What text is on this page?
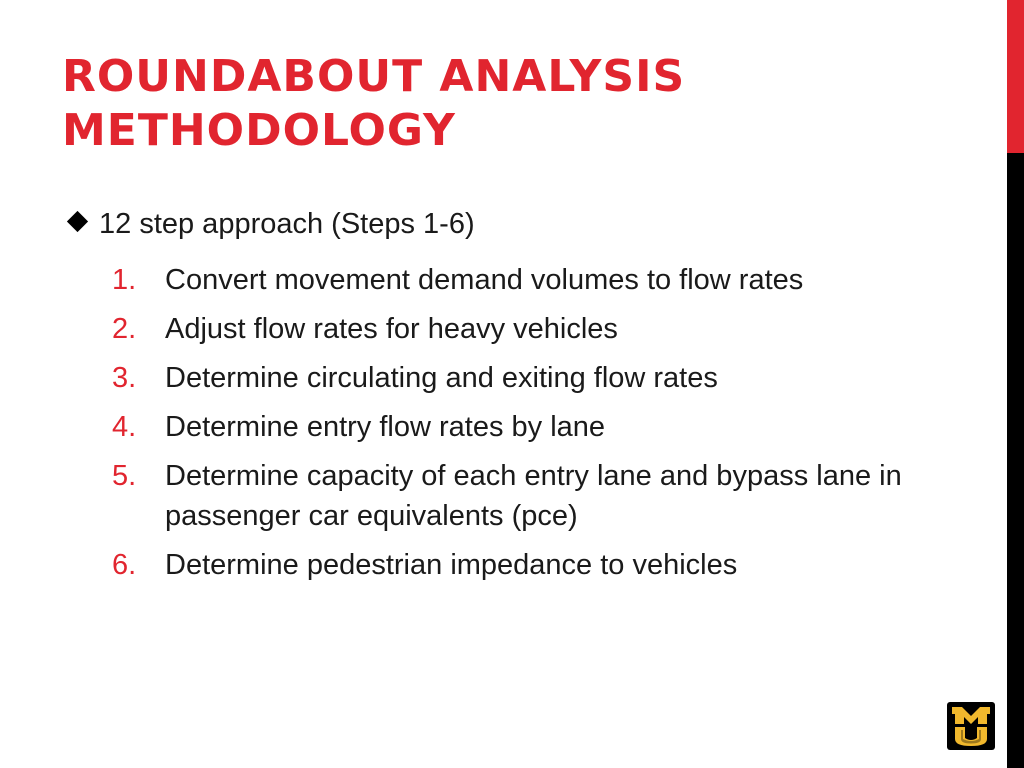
ROUNDABOUT ANALYSIS
METHODOLOGY
12 step approach (Steps 1-6)
1. Convert movement demand volumes to flow rates
2. Adjust flow rates for heavy vehicles
3. Determine circulating and exiting flow rates
4. Determine entry flow rates by lane
5. Determine capacity of each entry lane and bypass lane in passenger car equivalents (pce)
6. Determine pedestrian impedance to vehicles
